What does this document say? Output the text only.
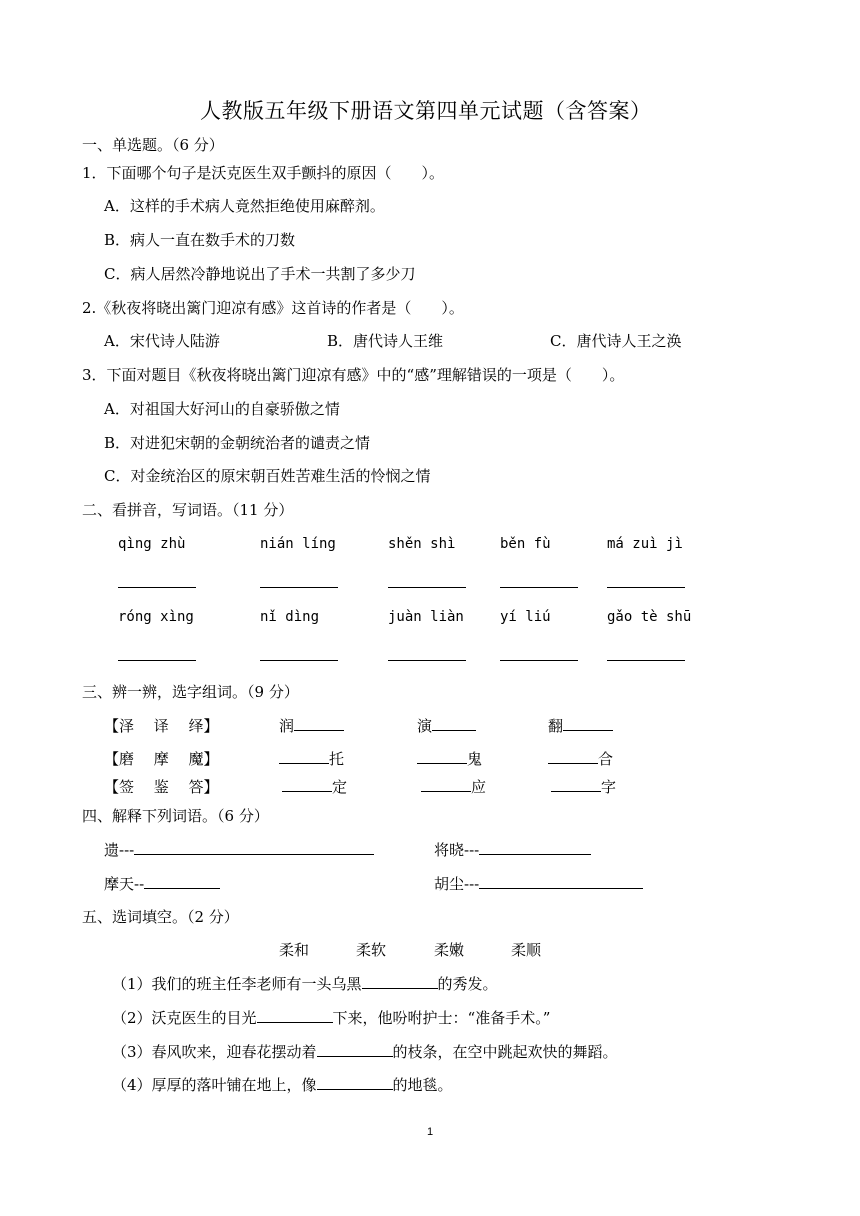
人教版五年级下册语文第四单元试题（含答案）
一、单选题。（6 分）
1．下面哪个句子是沃克医生双手颤抖的原因（　　）。
A．这样的手术病人竟然拒绝使用麻醉剂。
B．病人一直在数手术的刀数
C．病人居然冷静地说出了手术一共割了多少刀
2.《秋夜将晓出篱门迎凉有感》这首诗的作者是（　　）。
A．宋代诗人陆游	B．唐代诗人王维	C．唐代诗人王之涣
3．下面对题目《秋夜将晓出篱门迎凉有感》中的“感”理解错误的一项是（　　）。
A．对祖国大好河山的自豪骄傲之情
B．对进犯宋朝的金朝统治者的谴责之情
C．对金统治区的原宋朝百姓苦难生活的怜悯之情
二、看拼音，写词语。（11 分）
qìng zhù	nián líng	shěn shì	běn fù	má zuì jì
róng xìng	nǐ dìng	juàn liàn	yí liú	gǎo tè shū
三、辨一辨，选字组词。（9 分）
【泽　 译　 绎】	润	演	翻
【磨　 摩　 魔】	托	鬼	合
【签　 鉴　 答】	定	应	字
四、解释下列词语。（6 分）
遗---	将晓---
摩天--	胡尘---
五、选词填空。（2 分）
柔和	柔软	柔嫩	柔顺
（1）我们的班主任李老师有一头乌黑	的秀发。
（2）沃克医生的目光	下来，他吩咐护士：“准备手术。”
（3）春风吹来，迎春花摆动着	的枝条，在空中跳起欢快的舞蹈。
（4）厚厚的落叶铺在地上，像	的地毯。
1
